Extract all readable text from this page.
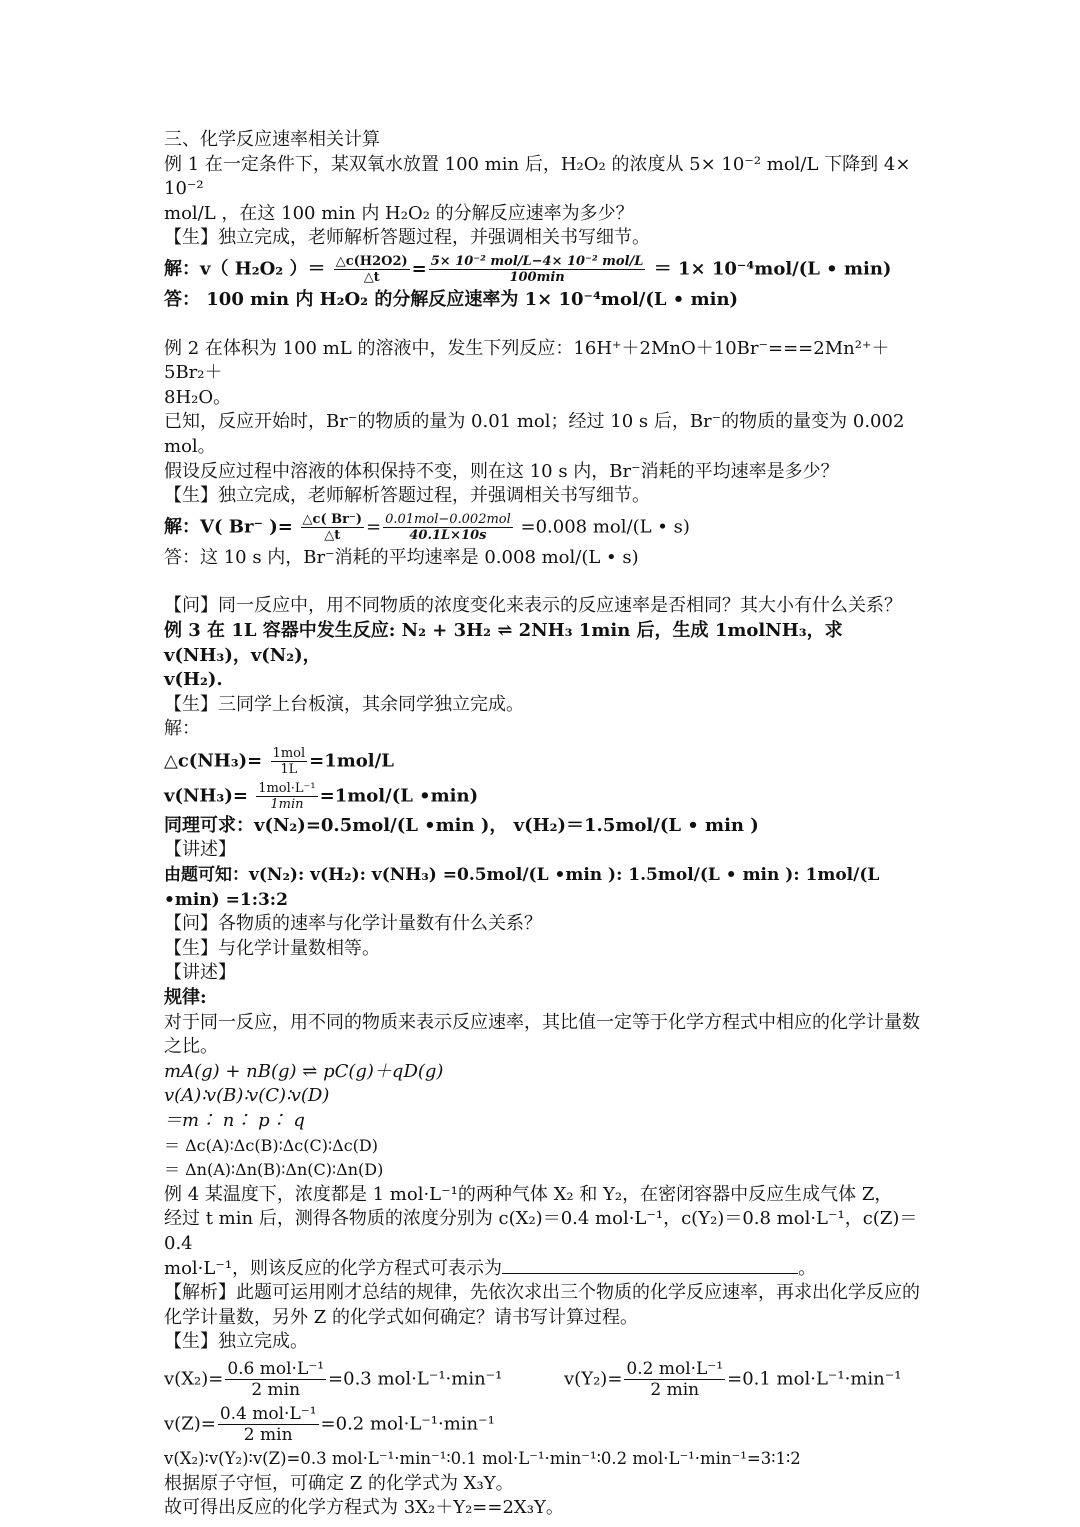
三、化学反应速率相关计算

例 1 在一定条件下，某双氧水放置 100 min 后，H₂O₂ 的浓度从 5× 10⁻² mol/L 下降到 4× 10⁻²

mol/L ，在这 100 min 内 H₂O₂ 的分解反应速率为多少？

【生】独立完成，老师解析答题过程，并强调相关书写细节。

解：v（ H₂O₂ ）＝ $\frac{\triangle c(H2O2)}{\triangle t} = \frac{\text{5× 10⁻² mol/L−4× 10⁻² mol/L}}{100\min} = 1\times 10^{-4}mol/(L$ • min)

答： 100 min 内 H₂O₂ 的分解反应速率为 1× 10⁻⁴mol/(L • min)

例 2 在体积为 100 mL 的溶液中，发生下列反应：16H⁺＋2MnO＋10Br⁻===2Mn²⁺＋5Br₂＋

8H₂O。

已知，反应开始时，Br⁻的物质的量为 0.01 mol；经过 10 s 后，Br⁻的物质的量变为 0.002 mol。

假设反应过程中溶液的体积保持不变，则在这 10 s 内，Br⁻消耗的平均速率是多少？

【生】独立完成，老师解析答题过程，并强调相关书写细节。

解：V( Br⁻ )= $\frac{\triangle c( Br^-)}{\triangle t} = \frac{\text{0.01mol−0.002mol}}{40.1L\times 10s} =0.008$ mol/(L • s)

答：这 10 s 内，Br⁻消耗的平均速率是 0.008 mol/(L • s)

【问】同一反应中，用不同物质的浓度变化来表示的反应速率是否相同？其大小有什么关系？

例 3 在 1L 容器中发生反应: N₂ + 3H₂ ⇌ 2NH₃ 1min 后，生成 1molNH₃，求 v(NH₃)，v(N₂)，

v(H₂).

【生】三同学上台板演，其余同学独立完成。

解：

△c(NH₃)= $\frac{\text{1mol}}{1L} =1mol/L$

$v(NH_3)= \frac{\text{1mol·L⁻¹}}{1\min} =1mol/(L$ •min)

同理可求：v(N₂)=0.5mol/(L •min )， v(H₂)＝1.5mol/(L • min )

【讲述】

由题可知：v(N₂): v(H₂): v(NH₃) =0.5mol/(L •min ): 1.5mol/(L • min ): 1mol/(L •min) =1:3:2

【问】各物质的速率与化学计量数有什么关系？

【生】与化学计量数相等。

【讲述】

规律:

对于同一反应，用不同的物质来表示反应速率，其比值一定等于化学方程式中相应的化学计量数之比。

mA(g) + nB(g) ⇌ pC(g)＋qD(g)

v(A)∶v(B)∶v(C)∶v(D)

＝m∶ n∶ p∶ q

＝ Δc(A)∶Δc(B)∶Δc(C)∶Δc(D)

＝ Δn(A)∶Δn(B)∶Δn(C)∶Δn(D)

例 4 某温度下，浓度都是 1 mol·L⁻¹的两种气体 X₂ 和 Y₂，在密闭容器中反应生成气体 Z，

经过 t min 后，测得各物质的浓度分别为 c(X₂)＝0.4 mol·L⁻¹，c(Y₂)＝0.8 mol·L⁻¹，c(Z)＝0.4

mol·L⁻¹，则该反应的化学方程式可表示为	。

【解析】此题可运用刚才总结的规律，先依次求出三个物质的化学反应速率，再求出化学反应的化学计量数，另外 Z 的化学式如何确定？请书写计算过程。

【生】独立完成。

$v(X_2)= \frac{\text{0.6 mol·L⁻¹}}{2 \min} =0.3$ mol·L⁻¹·min⁻¹	$v(Y_2)= \frac{\text{0.2 mol·L⁻¹}}{2 \min} =0.1$ mol·L⁻¹·min⁻¹
$v(Z)= \frac{\text{0.4 mol·L⁻¹}}{2 \min} =0.2$ mol·L⁻¹·min⁻¹

v(X₂)∶v(Y₂)∶v(Z)=0.3 mol·L⁻¹·min⁻¹∶0.1 mol·L⁻¹·min⁻¹∶0.2 mol·L⁻¹·min⁻¹=3∶1∶2

根据原子守恒，可确定 Z 的化学式为 X₃Y。

故可得出反应的化学方程式为 3X₂＋Y₂==2X₃Y。
